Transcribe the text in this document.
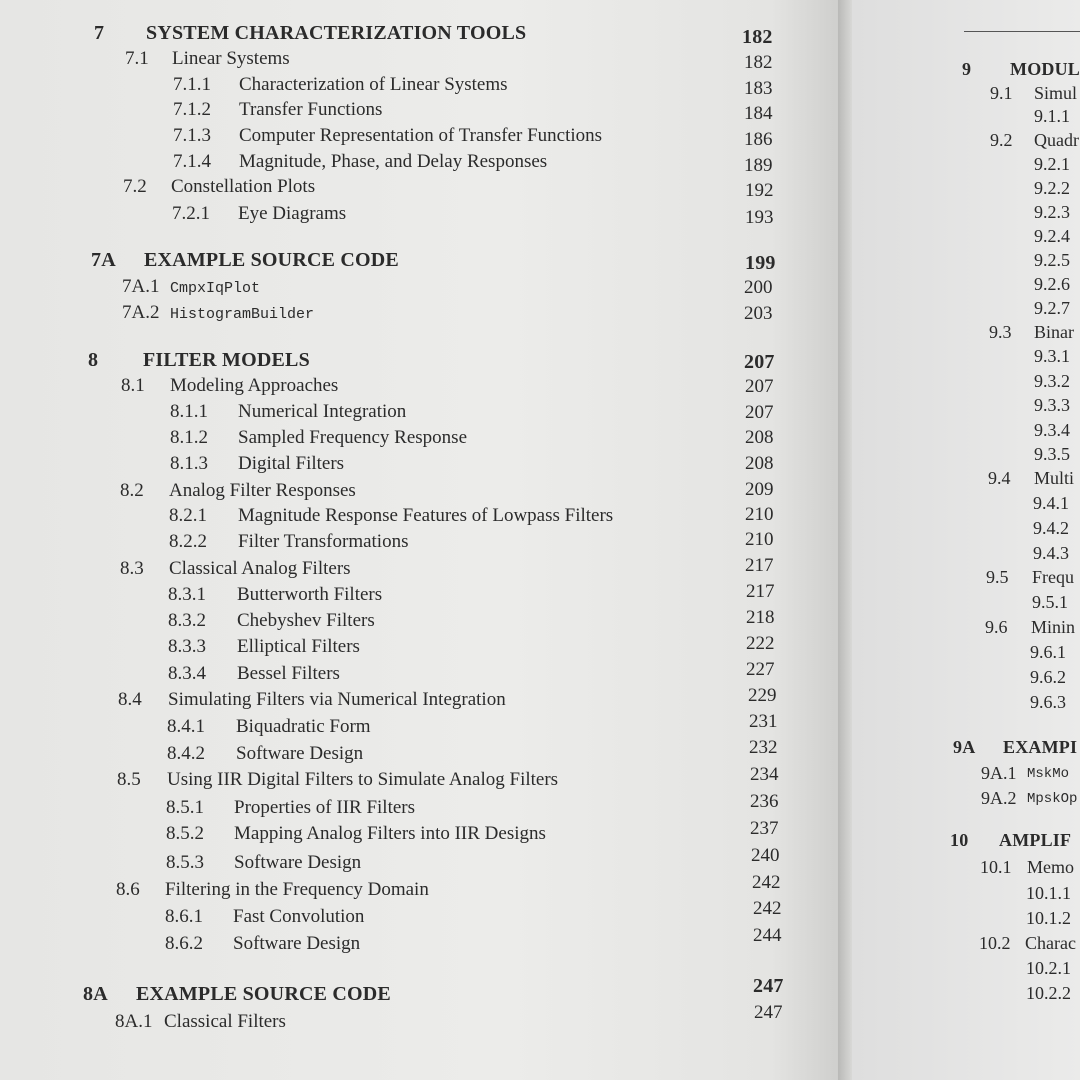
7 SYSTEM CHARACTERIZATION TOOLS	182
7.1 Linear Systems	182
7.1.1 Characterization of Linear Systems	183
7.1.2 Transfer Functions	184
7.1.3 Computer Representation of Transfer Functions	186
7.1.4 Magnitude, Phase, and Delay Responses	189
7.2 Constellation Plots	192
7.2.1 Eye Diagrams	193
7A EXAMPLE SOURCE CODE	199
7A.1 CmpxIqPlot	200
7A.2 HistogramBuilder	203
8 FILTER MODELS	207
8.1 Modeling Approaches	207
8.1.1 Numerical Integration	207
8.1.2 Sampled Frequency Response	208
8.1.3 Digital Filters	208
8.2 Analog Filter Responses	209
8.2.1 Magnitude Response Features of Lowpass Filters	210
8.2.2 Filter Transformations	210
8.3 Classical Analog Filters	217
8.3.1 Butterworth Filters	217
8.3.2 Chebyshev Filters	218
8.3.3 Elliptical Filters	222
8.3.4 Bessel Filters	227
8.4 Simulating Filters via Numerical Integration	229
8.4.1 Biquadratic Form	231
8.4.2 Software Design	232
8.5 Using IIR Digital Filters to Simulate Analog Filters	234
8.5.1 Properties of IIR Filters	236
8.5.2 Mapping Analog Filters into IIR Designs	237
8.5.3 Software Design	240
8.6 Filtering in the Frequency Domain	242
8.6.1 Fast Convolution	242
8.6.2 Software Design	244
8A EXAMPLE SOURCE CODE	247
8A.1 Classical Filters	247
9 MODUL
9.1 Simul
9.1.1
9.2 Quadr
9.2.1
9.2.2
9.2.3
9.2.4
9.2.5
9.2.6
9.2.7
9.3 Binar
9.3.1
9.3.2
9.3.3
9.3.4
9.3.5
9.4 Multi
9.4.1
9.4.2
9.4.3
9.5 Frequ
9.5.1
9.6 Minin
9.6.1
9.6.2
9.6.3
9A EXAMPI
9A.1 MskMo
9A.2 MpskOp
10 AMPLIF
10.1 Memo
10.1.1
10.1.2
10.2 Charac
10.2.1
10.2.2
